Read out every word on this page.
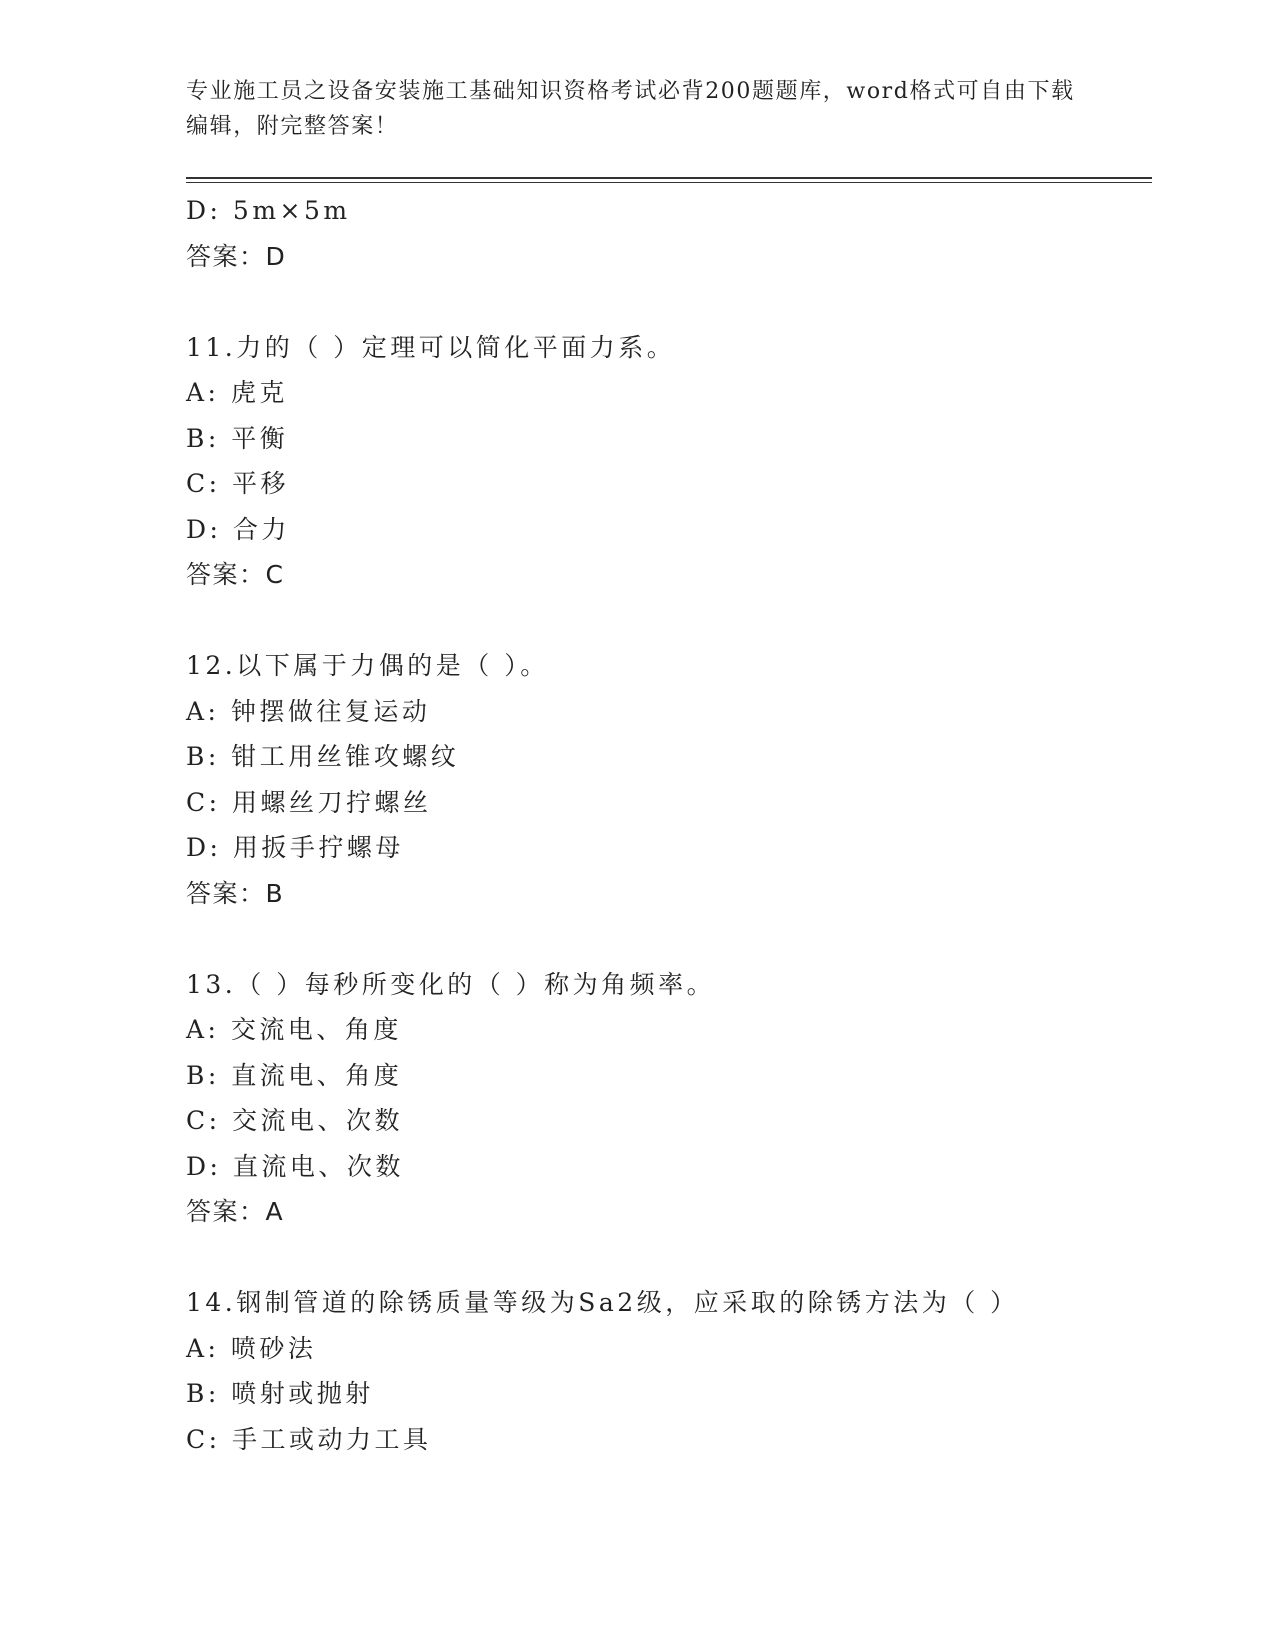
专业施工员之设备安装施工基础知识资格考试必背200题题库，word格式可自由下载编辑，附完整答案！
D: 5m×5m
答案：D
11.力的（ ）定理可以简化平面力系。
A: 虎克
B: 平衡
C: 平移
D: 合力
答案：C
12.以下属于力偶的是（ ）。
A: 钟摆做往复运动
B: 钳工用丝锥攻螺纹
C: 用螺丝刀拧螺丝
D: 用扳手拧螺母
答案：B
13.（ ）每秒所变化的（ ）称为角频率。
A: 交流电、角度
B: 直流电、角度
C: 交流电、次数
D: 直流电、次数
答案：A
14.钢制管道的除锈质量等级为Sa2级，应采取的除锈方法为（ ）
A: 喷砂法
B: 喷射或抛射
C: 手工或动力工具
